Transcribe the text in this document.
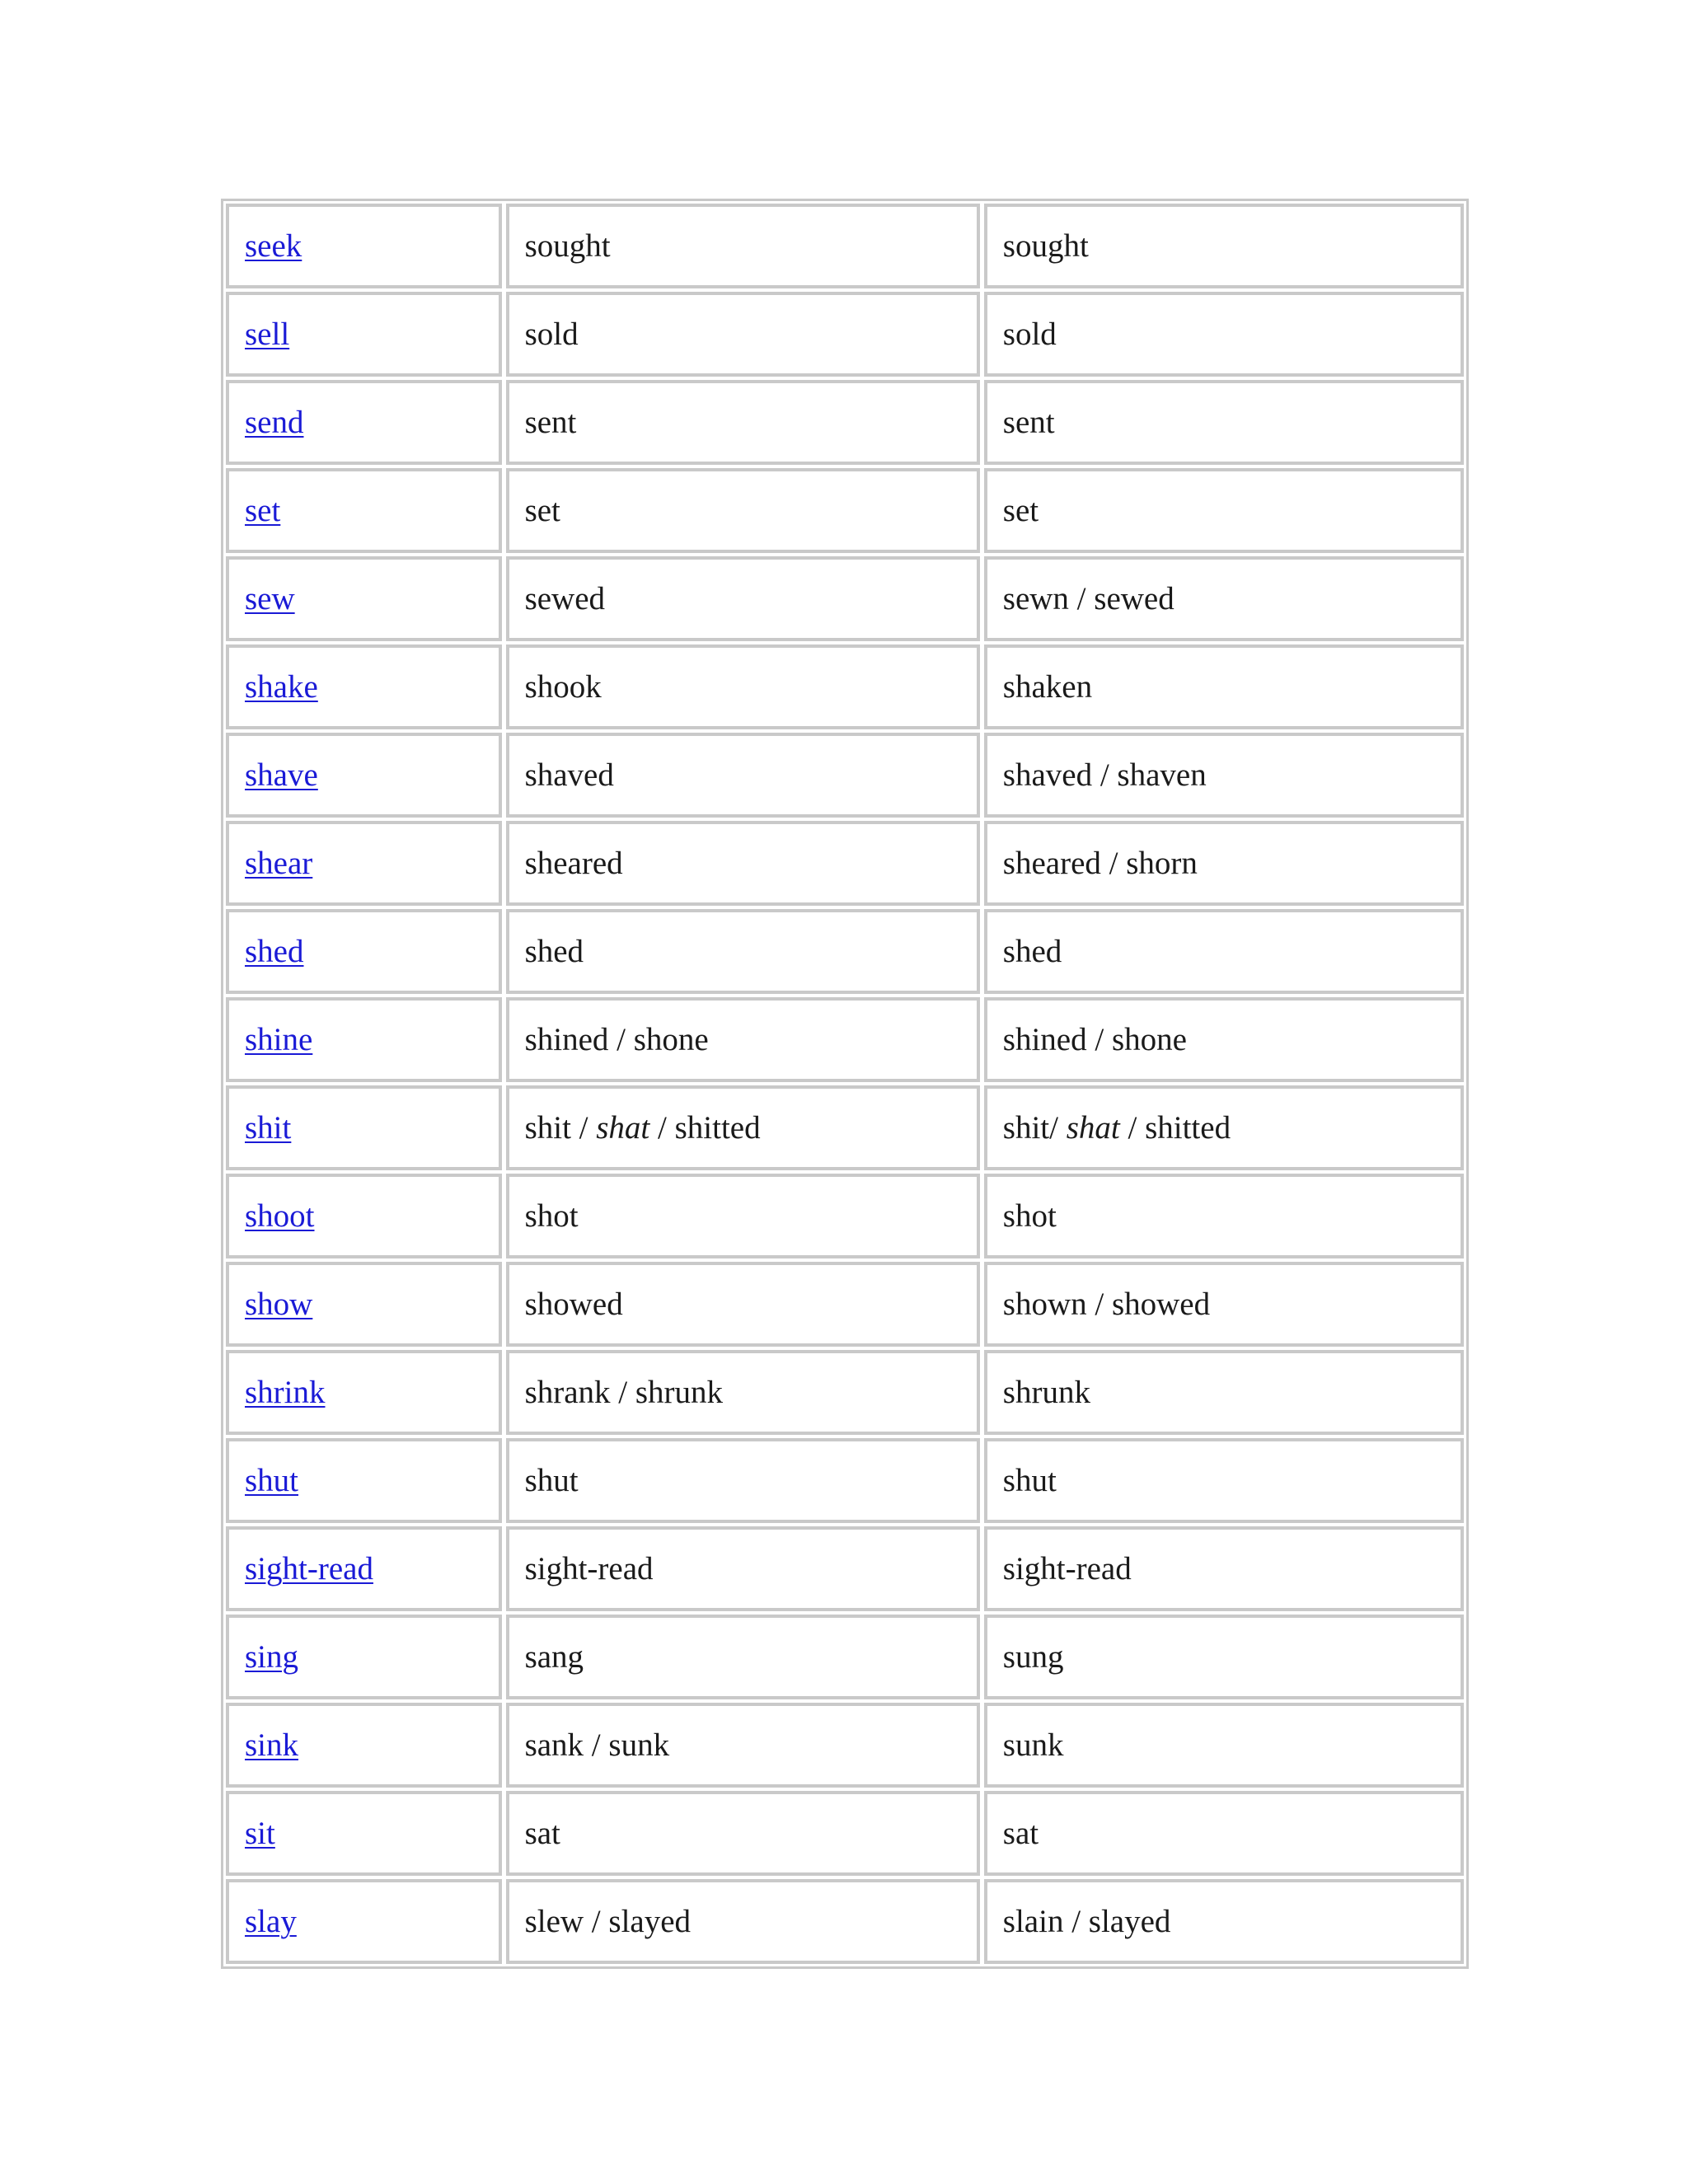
seek	sought	sought
sell	sold	sold
send	sent	sent
set	set	set
sew	sewed	sewn / sewed
shake	shook	shaken
shave	shaved	shaved / shaven
shear	sheared	sheared / shorn
shed	shed	shed
shine	shined / shone	shined / shone
shit	shit / shat / shitted	shit/ shat / shitted
shoot	shot	shot
show	showed	shown / showed
shrink	shrank / shrunk	shrunk
shut	shut	shut
sight-read	sight-read	sight-read
sing	sang	sung
sink	sank / sunk	sunk
sit	sat	sat
slay	slew / slayed	slain / slayed
